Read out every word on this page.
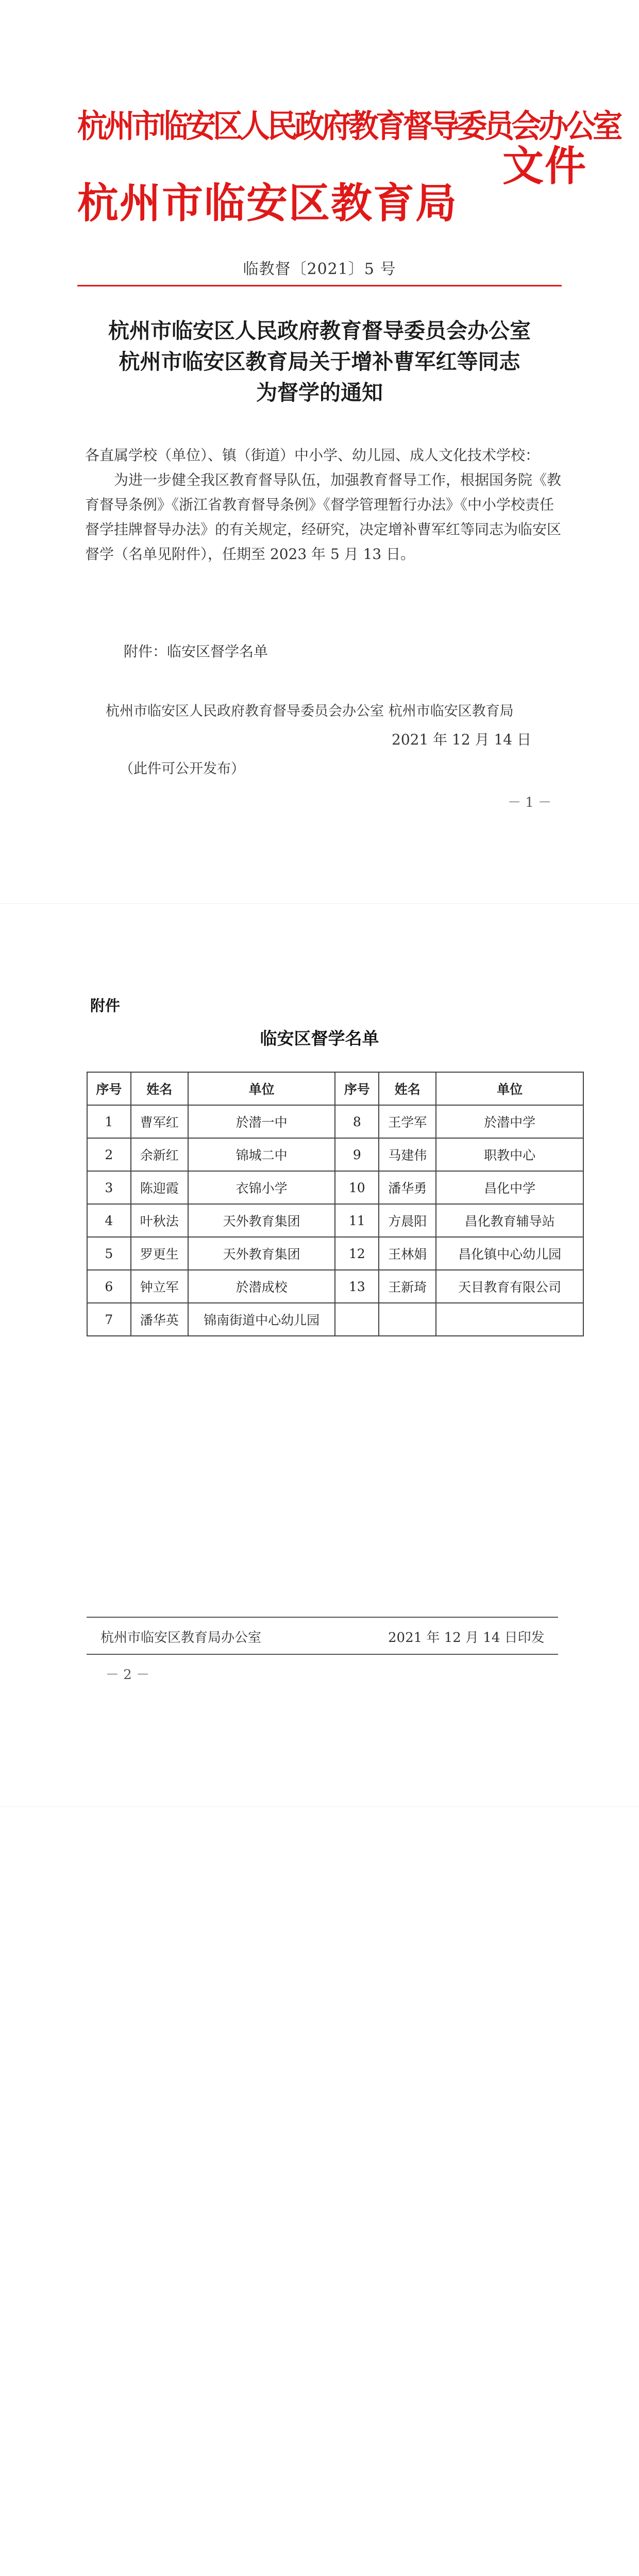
杭州市临安区人民政府教育督导委员会办公室
杭州市临安区教育局
文件
临教督〔2021〕5 号
杭州市临安区人民政府教育督导委员会办公室
杭州市临安区教育局关于增补曹军红等同志
为督学的通知

各直属学校（单位）、镇（街道）中小学、幼儿园、成人文化技术学校：

为进一步健全我区教育督导队伍，加强教育督导工作，根据国务院《教育督导条例》《浙江省教育督导条例》《督学管理暂行办法》《中小学校责任督学挂牌督导办法》的有关规定，经研究，决定增补曹军红等同志为临安区督学（名单见附件），任期至 2023 年 5 月 13 日。

附件：临安区督学名单
杭州市临安区人民政府教育督导委员会办公室 杭州市临安区教育局
2021 年 12 月 14 日
（此件可公开发布）
－ 1 －
附件
临安区督学名单
序号	姓名	单位	序号	姓名	单位
1	曹军红	於潜一中	8	王学军	於潜中学
2	余新红	锦城二中	9	马建伟	职教中心
3	陈迎霞	衣锦小学	10	潘华勇	昌化中学
4	叶秋法	天外教育集团	11	方晨阳	昌化教育辅导站
5	罗更生	天外教育集团	12	王林娟	昌化镇中心幼儿园
6	钟立军	於潜成校	13	王新琦	天目教育有限公司
7	潘华英	锦南街道中心幼儿园			
杭州市临安区教育局办公室	2021 年 12 月 14 日印发
－ 2 －
